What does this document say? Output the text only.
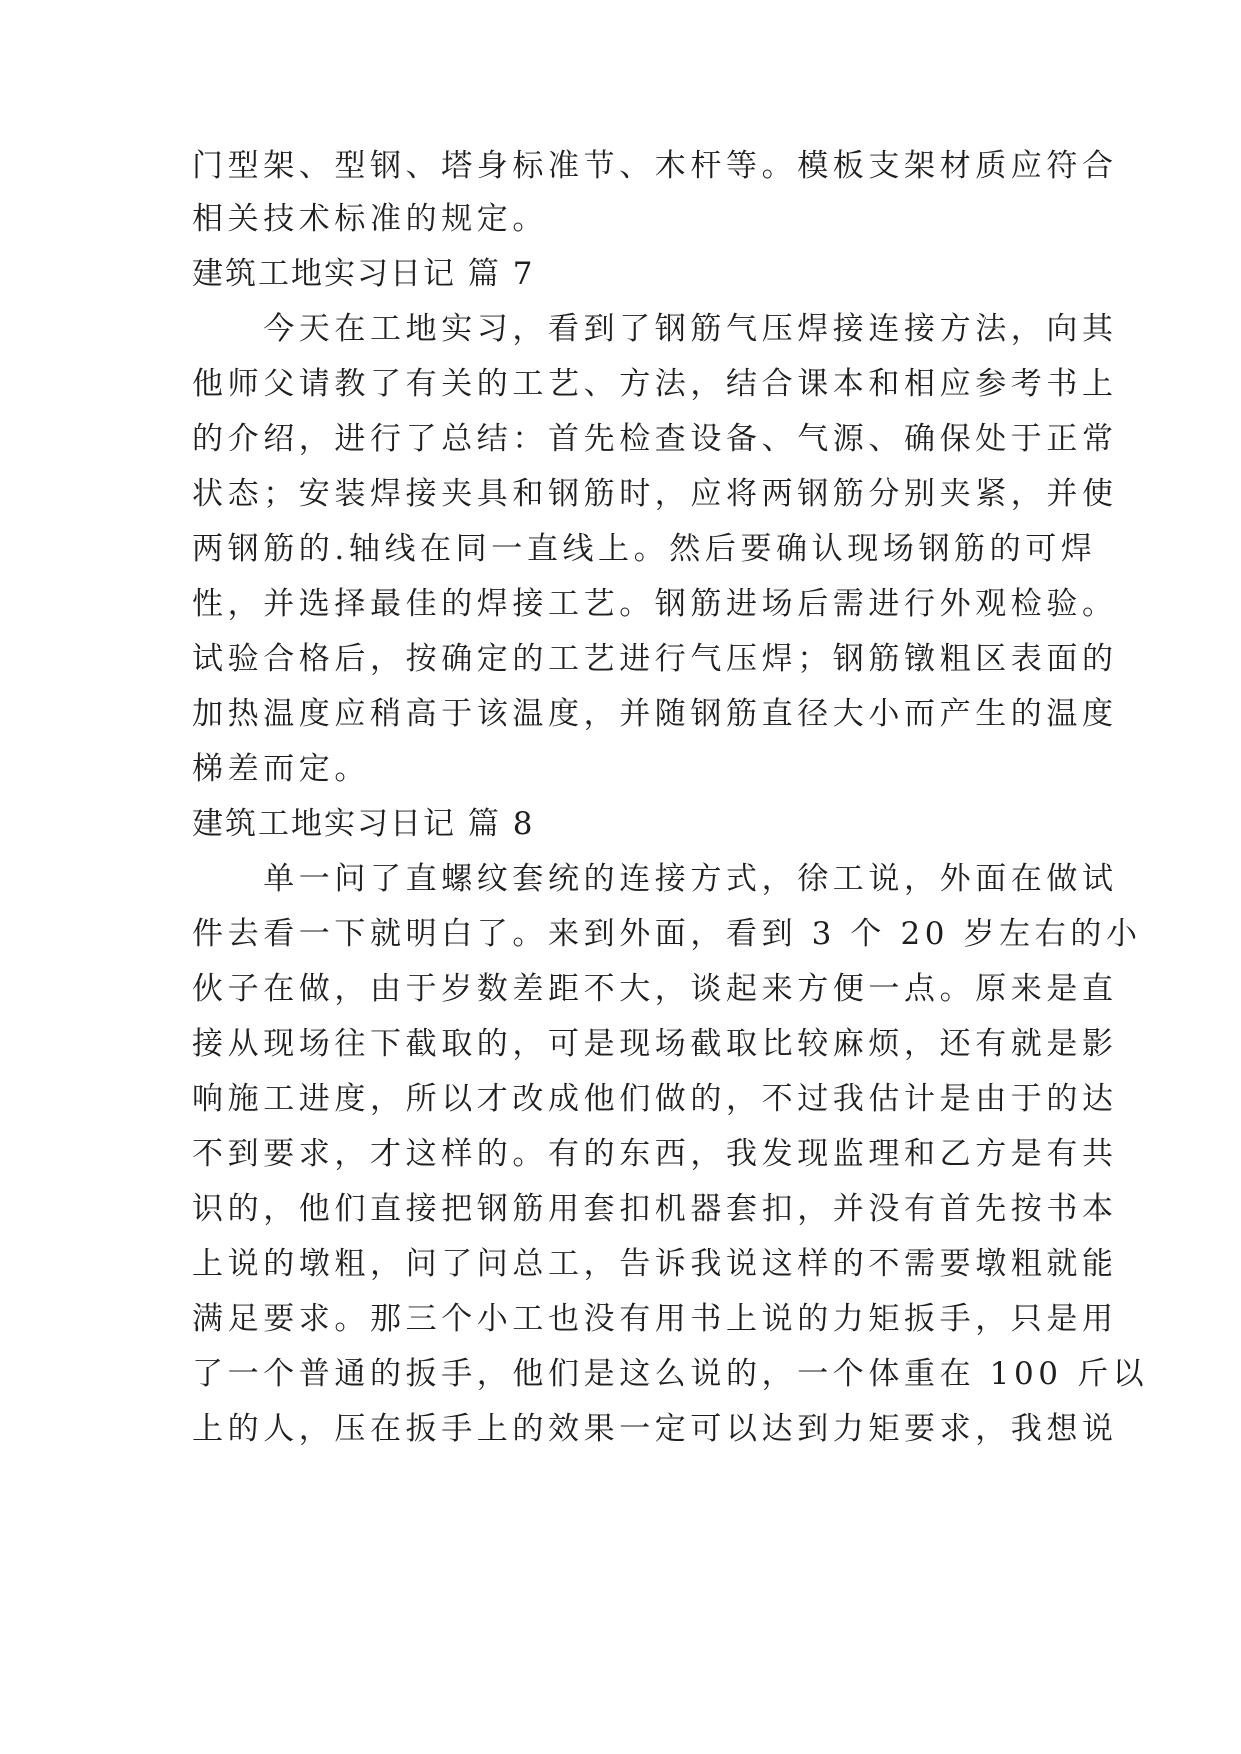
门型架、型钢、塔身标准节、木杆等。模板支架材质应符合
相关技术标准的规定。
建筑工地实习日记 篇 7
　　今天在工地实习，看到了钢筋气压焊接连接方法，向其
他师父请教了有关的工艺、方法，结合课本和相应参考书上
的介绍，进行了总结：首先检查设备、气源、确保处于正常
状态；安装焊接夹具和钢筋时，应将两钢筋分别夹紧，并使
两钢筋的.轴线在同一直线上。然后要确认现场钢筋的可焊
性，并选择最佳的焊接工艺。钢筋进场后需进行外观检验。
试验合格后，按确定的工艺进行气压焊；钢筋镦粗区表面的
加热温度应稍高于该温度，并随钢筋直径大小而产生的温度
梯差而定。
建筑工地实习日记 篇 8
　　单一问了直螺纹套统的连接方式，徐工说，外面在做试
件去看一下就明白了。来到外面，看到 3 个 20 岁左右的小
伙子在做，由于岁数差距不大，谈起来方便一点。原来是直
接从现场往下截取的，可是现场截取比较麻烦，还有就是影
响施工进度，所以才改成他们做的，不过我估计是由于的达
不到要求，才这样的。有的东西，我发现监理和乙方是有共
识的，他们直接把钢筋用套扣机器套扣，并没有首先按书本
上说的墩粗，问了问总工，告诉我说这样的不需要墩粗就能
满足要求。那三个小工也没有用书上说的力矩扳手，只是用
了一个普通的扳手，他们是这么说的，一个体重在 100 斤以
上的人，压在扳手上的效果一定可以达到力矩要求，我想说
